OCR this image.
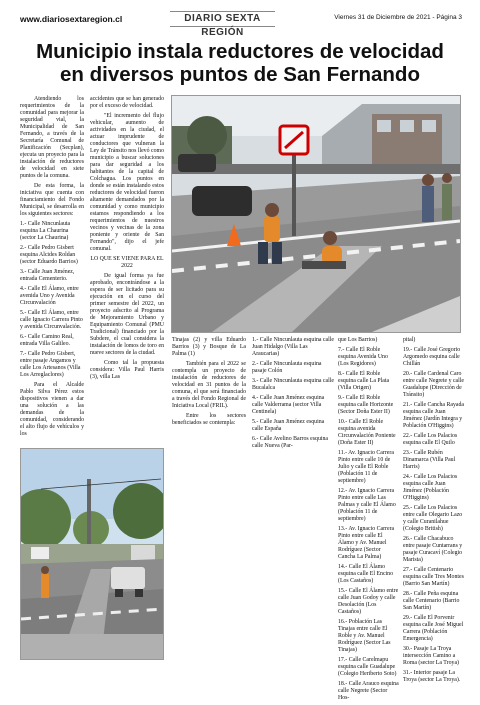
www.diariosextaregion.cl	DIARIO SEXTA REGIÓN
Viernes 31 de Diciembre de 2021 - Página 3
Municipio instala reductores de velocidad
en diversos puntos de San Fernando

Atendiendo los requerimientos de la comunidad para mejorar la seguridad vial, la Municipalidad de San Fernando, a través de la Secretaría Comunal de Planificación (Secplan), ejecuta un proyecto para la instalación de reductores de velocidad en siete puntos de la comuna.

De esta forma, la iniciativa que cuenta con financiamiento del Fondo Municipal, se desarrolla en los siguientes sectores:

1.- Calle Nincunlauta esquina La Chaurina (sector La Chaurina)

2.- Calle Pedro Gisbert esquina Alcides Roldan (sector Eduardo Barrios)

3.- Calle Juan Jiménez, entrada Cementerio.

4.- Calle El Álamo, entre avenida Uno y Avenida Circunvalación

5.- Calle El Álamo, entre calle Ignacio Carrera Pinto y avenida Circunvalación.

6.- Calle Camino Real, entrada Villa Galileo.

7.- Calle Pedro Gisbert, entre pasaje Angamos y calle Los Artesanos (Villa Los Arreglaclores)

Para el Alcalde Pablo Silva Pérez estos dispositivos vienen a dar una solución a las demandas de la comunidad, considerando el alto flujo de vehículos y los

accidentes que se han generado por el exceso de velocidad.

"El incremento del flujo vehicular, aumento de actividades en la ciudad, el actuar imprudente de conductores que vulneran la Ley de Tránsito nos llevó como municipio a buscar soluciones para dar seguridad a los habitantes de la capital de Colchagua. Los puntos en donde se están instalando estos reductores de velocidad fueron altamente demandados por la comunidad y como municipio estamos respondiendo a los requerimientos de nuestros vecinos y vecinas de la zona poniente y oriente de San Fernando", dijo el jefe comunal.

LO QUE SE VIENE PARA EL 2022

De igual forma ya fue aprobado, encontrándose a la espera de ser licitado para su ejecución en el curso del primer semestre del 2022, un proyecto adscrito al Programa de Mejoramiento Urbano y Equipamiento Comunal (PMU Tradicional) financiado por la Subdere, el cual considera la instalación de lomos de toro en nueve sectores de la ciudad.

Como tal la propuesta considera: Villa Paul Harris (3), villa Las

Tinajas (2) y villa Eduardo Barrios (3) y Bosque de La Palma (1)

También para el 2022 se contempla un proyecto de instalación de reductores de velocidad en 31 puntos de la comuna, el que será financiado a través del Fondo Regional de Iniciativa Local (FRIL).

Entre los sectores beneficiados se contempla:

1.- Calle Nincunlauta esquina calle Juan Hidalgo (Villa Las Araucarias)

2.- Calle Nincunlauta esquina pasaje Colón

3.- Calle Nincunlauta esquina calle Bucalalca

4.- Calle Juan Jiménez esquina calle Valderrama (sector Villa Centinela)

5.- Calle Juan Jiménez esquina calle España

6.- Calle Avelino Barros esquina calle Nueva (Par-

que Los Barrios)

7.- Calle El Roble esquina Avenida Uno (Los Regidores)

8.- Calle El Roble esquina calle La Plata (Villa Origen)

9.- Calle El Roble esquina calle Horizonte (Sector Doña Ester II)

10.- Calle El Roble esquina avenida Circunvalación Poniente (Doña Ester II)

11.- Av. Ignacio Carrera Pinto entre calle 10 de Julio y calle El Roble (Población 11 de septiembre)

12.- Av. Ignacio Carrera Pinto entre calle Las Palmas y calle El Álamo (Población 11 de septiembre)

13.- Av. Ignacio Carrera Pinto entre calle El Álamo y Av. Manuel Rodríguez (Sector Cancha La Palma)

14.- Calle El Álamo esquina calle El Encino (Los Castaños)

15.- Calle El Álamo entre calle Juan Godoy y calle Desolación (Los Castaños)

16.- Población Las Tinajas entre calle El Roble y Av. Manuel Rodríguez (Sector Las Tinajas)

17.- Calle Carelmapu esquina calle Guadalupe (Colegio Heriberto Soto)

18.- Calle Arauco esquina calle Negrete (Sector Hos-

pital)

19.- Calle José Gregorio Argomedo esquina calle Chillán

20.- Calle Cardenal Caro entre calle Negrete y calle Guadalupe (Dirección de Tránsito)

21.- Calle Cancha Rayada esquina calle Juan Jiménez (Jardín Integra y Población O'Higgins)

22.- Calle Los Palacios esquina calle El Quilo

23.- Calle Rubén Dinamarca (Villa Paul Harris)

24.- Calle Los Palacios esquina calle Juan Jiménez (Población O'Higgins)

25.- Calle Los Palacios entre calle Olegario Lazo y calle Curanilahue (Colegio British)

26.- Calle Chacabuco entre pasaje Cuntarrans y pasaje Curacaví (Colegio Marista)

27.- Calle Centenario esquina calle Tres Montes (Barrio San Martín)

28.- Calle Peña esquina calle Centenario (Barrio San Martín)

29.- Calle El Porvenir esquina calle José Miguel Carrera (Población Emergencia)

30.- Pasaje La Troya intersección Camino a Roma (sector La Troya)

31.- Interior pasaje La Troya (sector La Troya).
